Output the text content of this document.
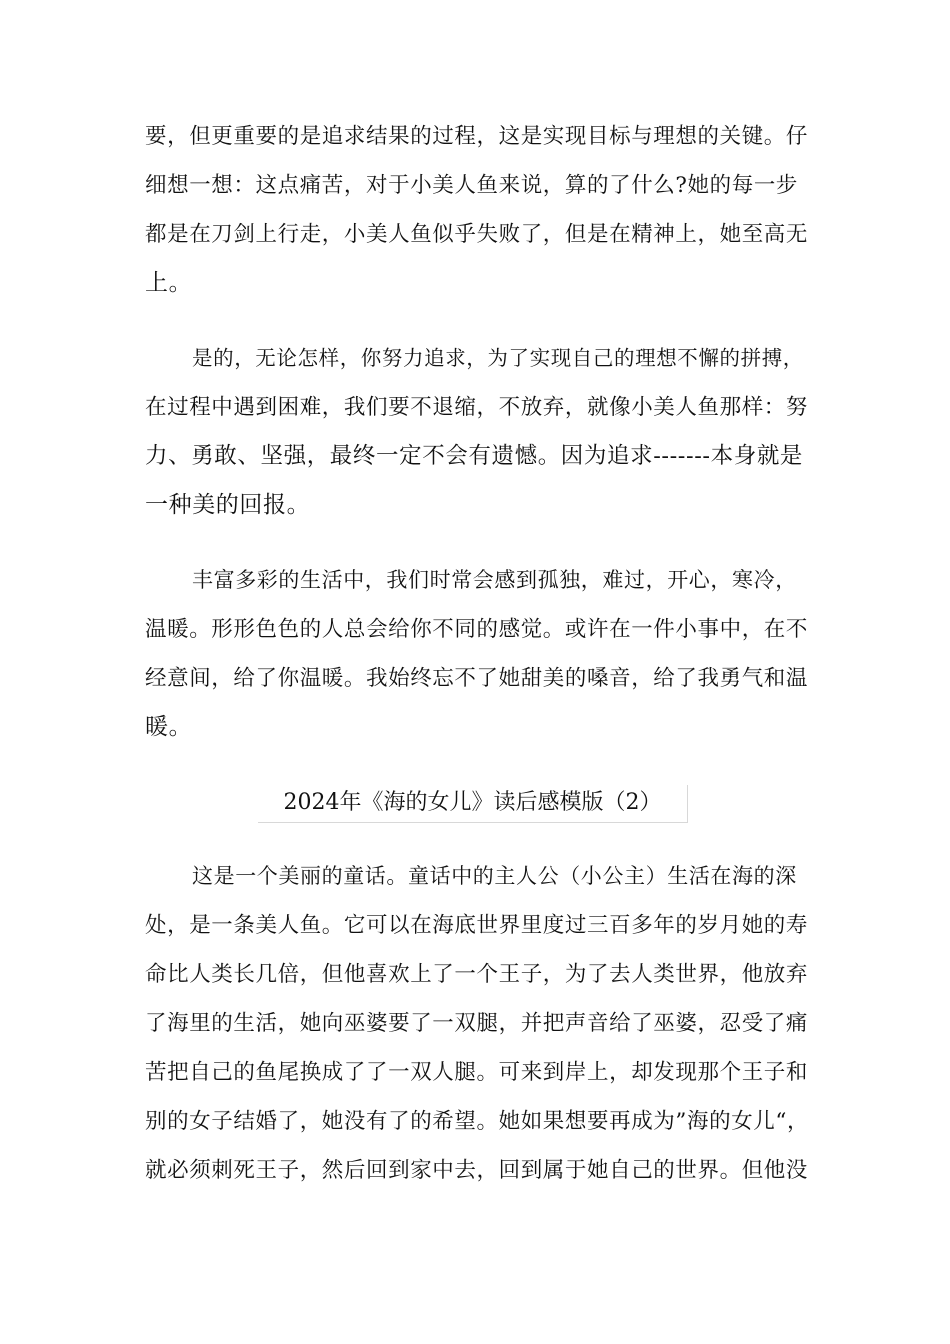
要，但更重要的是追求结果的过程，这是实现目标与理想的关键。仔
细想一想：这点痛苦，对于小美人鱼来说，算的了什么?她的每一步
都是在刀剑上行走，小美人鱼似乎失败了，但是在精神上，她至高无
上。
是的，无论怎样，你努力追求，为了实现自己的理想不懈的拼搏，
在过程中遇到困难，我们要不退缩，不放弃，就像小美人鱼那样：努
力、勇敢、坚强，最终一定不会有遗憾。因为追求-------本身就是
一种美的回报。
丰富多彩的生活中，我们时常会感到孤独，难过，开心，寒冷，
温暖。形形色色的人总会给你不同的感觉。或许在一件小事中，在不
经意间，给了你温暖。我始终忘不了她甜美的嗓音，给了我勇气和温
暖。
2024年《海的女儿》读后感模版（2）
这是一个美丽的童话。童话中的主人公（小公主）生活在海的深
处，是一条美人鱼。它可以在海底世界里度过三百多年的岁月她的寿
命比人类长几倍，但他喜欢上了一个王子，为了去人类世界，他放弃
了海里的生活，她向巫婆要了一双腿，并把声音给了巫婆，忍受了痛
苦把自己的鱼尾换成了了一双人腿。可来到岸上，却发现那个王子和
别的女子结婚了，她没有了的希望。她如果想要再成为”海的女儿“，
就必须刺死王子，然后回到家中去，回到属于她自己的世界。但他没
